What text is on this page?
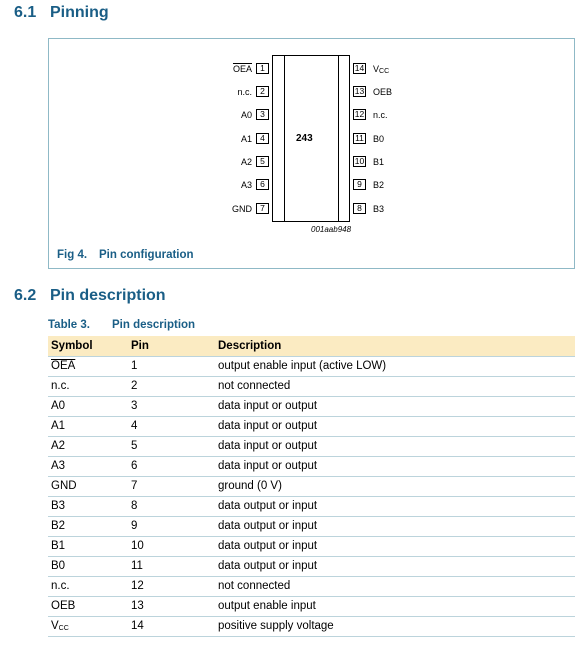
6.1 Pinning
243
001aab948
$\overline{OEA}$ 1
n.c. 2
A0 3
A1 4
A2 5
A3 6
GND 7
14 VCC
13 OEB
12 n.c.
11 B0
10 B1
9	B2
8	B3
Fig 4. Pin configuration
6.2 Pin description
Table 3. Pin description
Symbol	Pin	Description
$\overline{OEA}$	1	output enable input (active LOW)
n.c.	2	not connected
A0	3	data input or output
A1	4	data input or output
A2	5	data input or output
A3	6	data input or output
GND	7	ground (0 V)
B3	8	data output or input
B2	9	data output or input
B1	10	data output or input
B0	11	data output or input
n.c.	12	not connected
OEB	13	output enable input
VCC	14	positive supply voltage
